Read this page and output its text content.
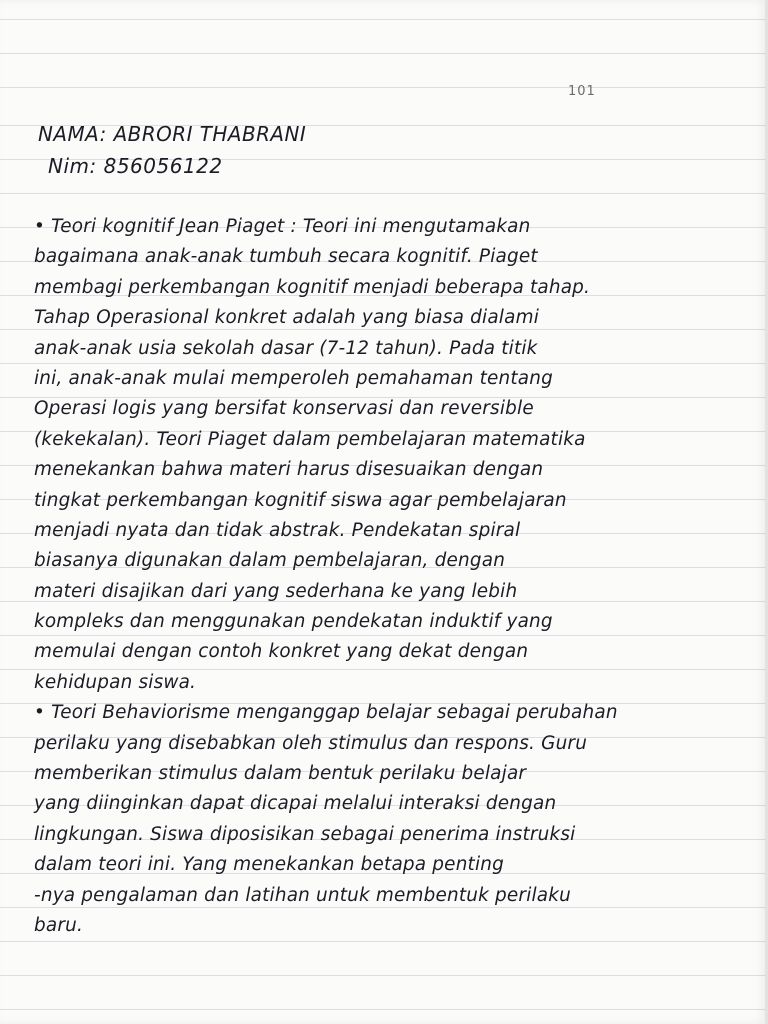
101
NAMA: ABRORI THABRANI
Nim: 856056122
• Teori kognitif Jean Piaget : Teori ini mengutamakan
bagaimana anak-anak tumbuh secara kognitif. Piaget
membagi perkembangan kognitif menjadi beberapa tahap.
Tahap Operasional konkret adalah yang biasa dialami
anak-anak usia sekolah dasar (7-12 tahun). Pada titik
ini, anak-anak mulai memperoleh pemahaman tentang
Operasi logis yang bersifat konservasi dan reversible
(kekekalan). Teori Piaget dalam pembelajaran matematika
menekankan bahwa materi harus disesuaikan dengan
tingkat perkembangan kognitif siswa agar pembelajaran
menjadi nyata dan tidak abstrak. Pendekatan spiral
biasanya digunakan dalam pembelajaran, dengan
materi disajikan dari yang sederhana ke yang lebih
kompleks dan menggunakan pendekatan induktif yang
memulai dengan contoh konkret yang dekat dengan
kehidupan siswa.
• Teori Behaviorisme menganggap belajar sebagai perubahan
perilaku yang disebabkan oleh stimulus dan respons. Guru
memberikan stimulus dalam bentuk perilaku belajar
yang diinginkan dapat dicapai melalui interaksi dengan
lingkungan. Siswa diposisikan sebagai penerima instruksi
dalam teori ini. Yang menekankan betapa penting
-nya pengalaman dan latihan untuk membentuk perilaku
baru.
